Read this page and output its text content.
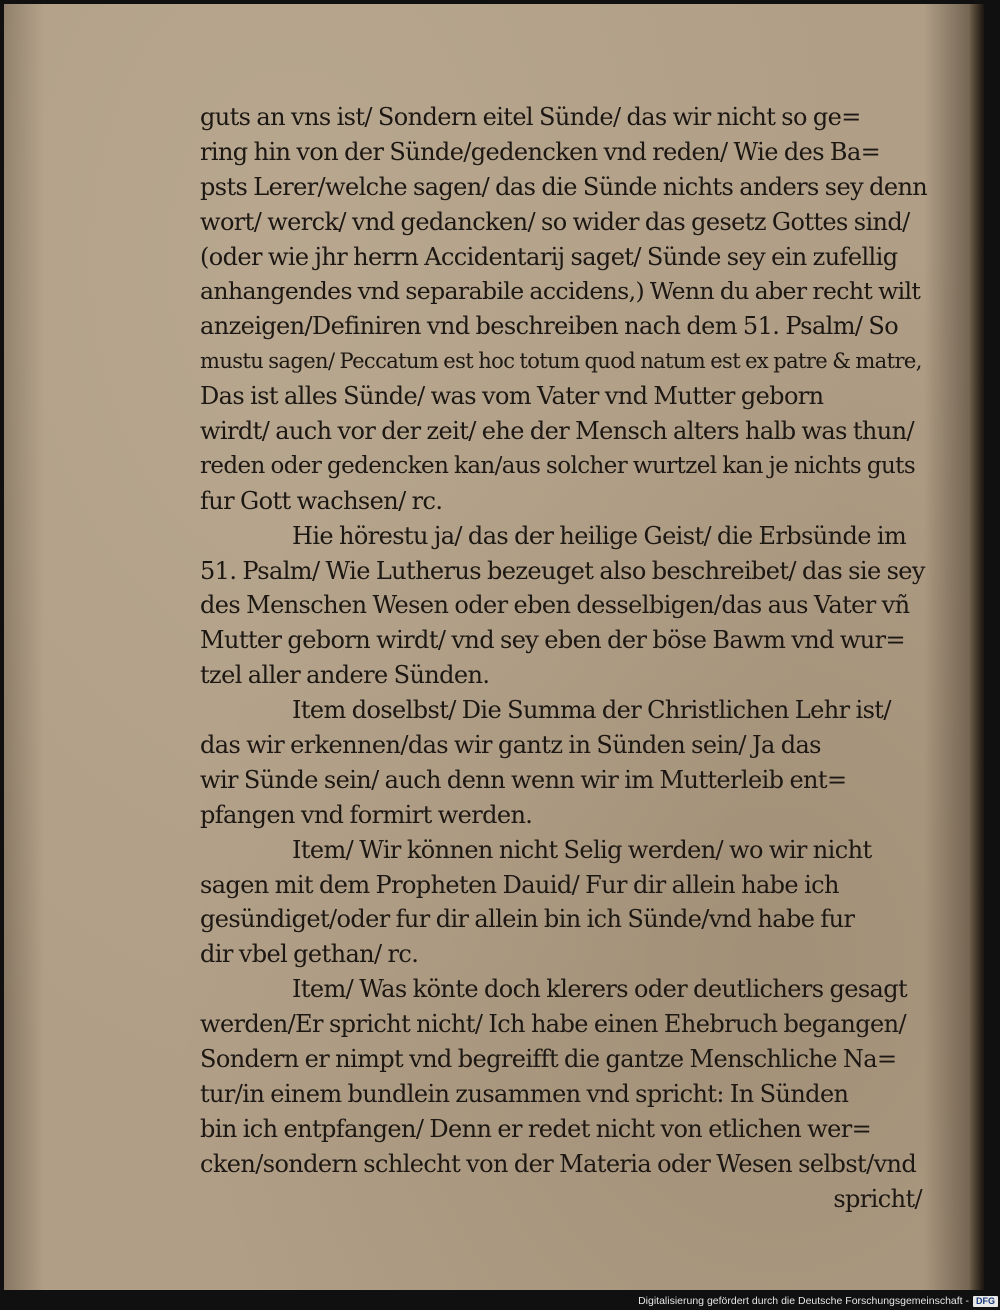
guts an vns ist/ Sondern eitel Sünde/ das wir nicht so ge=
ring hin von der Sünde/gedencken vnd reden/ Wie des Ba=
psts Lerer/welche sagen/ das die Sünde nichts anders sey denn
wort/ werck/ vnd gedancken/ so wider das gesetz Gottes sind/
(oder wie jhr herrn Accidentarij saget/ Sünde sey ein zufellig
anhangendes vnd separabile accidens,) Wenn du aber recht wilt
anzeigen/Definiren vnd beschreiben nach dem 51. Psalm/ So
mustu sagen/ Peccatum est hoc totum quod natum est ex patre & matre,
Das ist alles Sünde/ was vom Vater vnd Mutter geborn
wirdt/ auch vor der zeit/ ehe der Mensch alters halb was thun/
reden oder gedencken kan/aus solcher wurtzel kan je nichts guts
fur Gott wachsen/ rc.
Hie hörestu ja/ das der heilige Geist/ die Erbsünde im
51. Psalm/ Wie Lutherus bezeuget also beschreibet/ das sie sey
des Menschen Wesen oder eben desselbigen/das aus Vater vñ
Mutter geborn wirdt/ vnd sey eben der böse Bawm vnd wur=
tzel aller andere Sünden.
Item doselbst/ Die Summa der Christlichen Lehr ist/
das wir erkennen/das wir gantz in Sünden sein/ Ja das
wir Sünde sein/ auch denn wenn wir im Mutterleib ent=
pfangen vnd formirt werden.
Item/ Wir können nicht Selig werden/ wo wir nicht
sagen mit dem Propheten Dauid/ Fur dir allein habe ich
gesündiget/oder fur dir allein bin ich Sünde/vnd habe fur
dir vbel gethan/ rc.
Item/ Was könte doch klerers oder deutlichers gesagt
werden/Er spricht nicht/ Ich habe einen Ehebruch begangen/
Sondern er nimpt vnd begreifft die gantze Menschliche Na=
tur/in einem bundlein zusammen vnd spricht: In Sünden
bin ich entpfangen/ Denn er redet nicht von etlichen wer=
cken/sondern schlecht von der Materia oder Wesen selbst/vnd
spricht/
Digitalisierung gefördert durch die Deutsche Forschungsgemeinschaft - DFG
